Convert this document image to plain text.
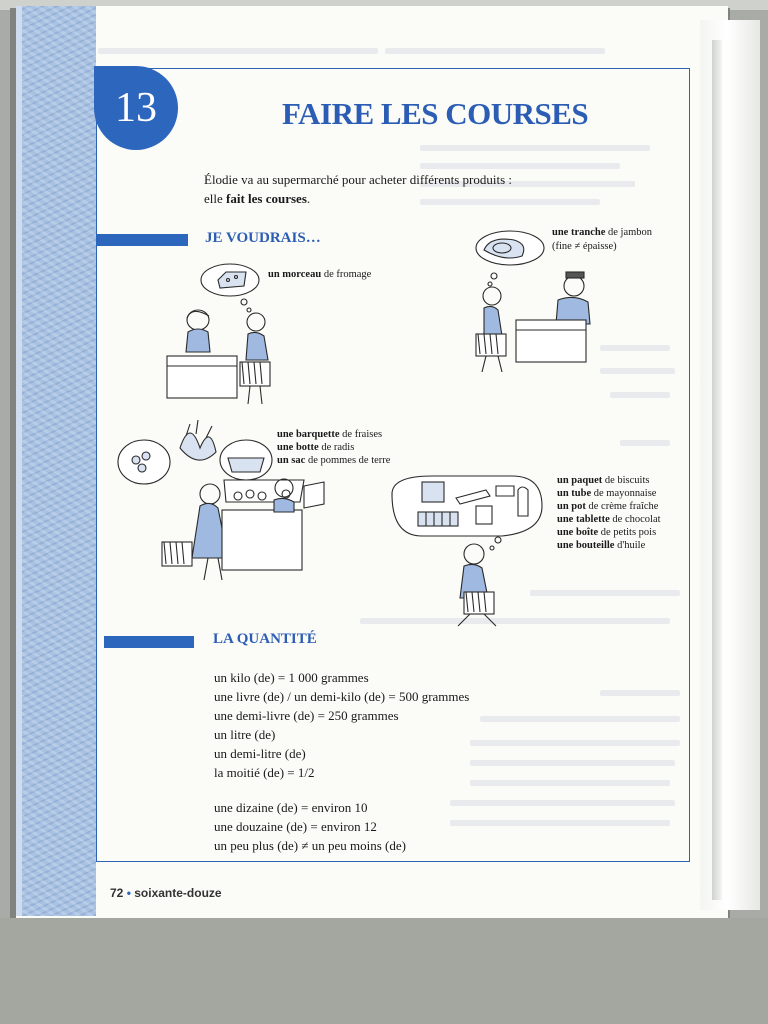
13	FAIRE LES COURSES
Élodie va au supermarché pour acheter différents produits :
elle fait les courses.
JE VOUDRAIS…
un morceau de fromage
une tranche de jambon
(fine ≠ épaisse)
une barquette de fraises
une botte de radis
un sac de pommes de terre
un paquet de biscuits
un tube de mayonnaise
un pot de crème fraîche
une tablette de chocolat
une boîte de petits pois
une bouteille d'huile
LA QUANTITÉ

un kilo (de) = 1 000 grammes

une livre (de) / un demi-kilo (de) = 500 grammes

une demi-livre (de) = 250 grammes

un litre (de)

un demi-litre (de)

la moitié (de) = 1/2

une dizaine (de) = environ 10

une douzaine (de) = environ 12

un peu plus (de) ≠ un peu moins (de)

72 • soixante-douze
